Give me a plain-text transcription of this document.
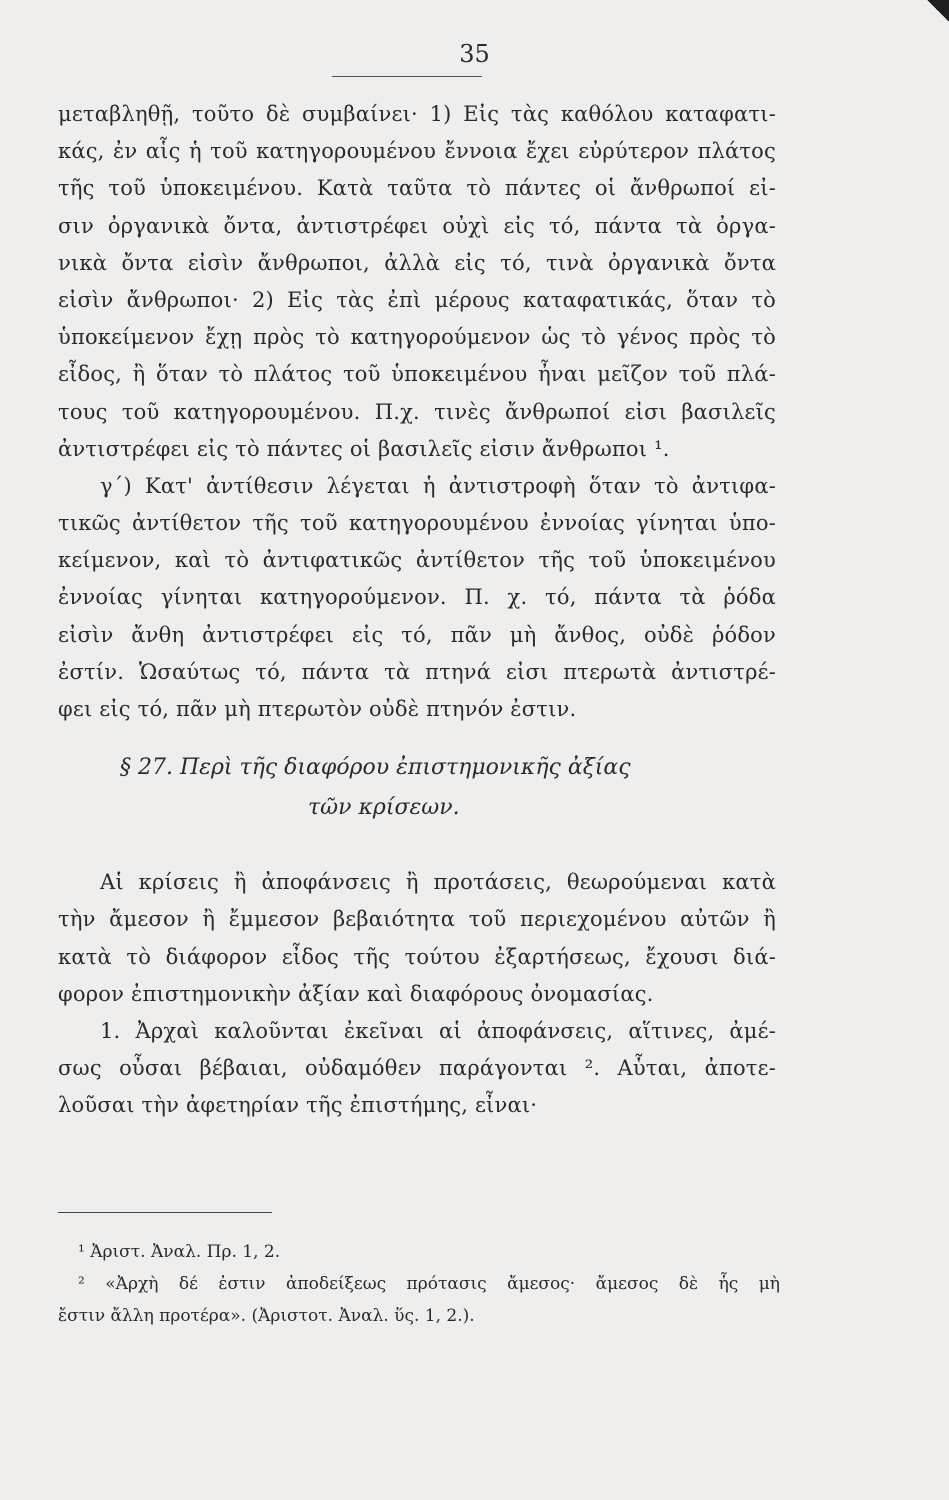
35
μεταβληθῇ, τοῦτο δὲ συμβαίνει· 1) Εἰς τὰς καθόλου καταφατι-
κάς, ἐν αἷς ἡ τοῦ κατηγορουμένου ἔννοια ἔχει εὐρύτερον πλάτος
τῆς τοῦ ὑποκειμένου. Κατὰ ταῦτα τὸ πάντες οἱ ἄνθρωποί εἰ-
σιν ὀργανικὰ ὄντα, ἀντιστρέφει οὐχὶ εἰς τό, πάντα τὰ ὀργα-
νικὰ ὄντα εἰσὶν ἄνθρωποι, ἀλλὰ εἰς τό, τινὰ ὀργανικὰ ὄντα
εἰσὶν ἄνθρωποι· 2) Εἰς τὰς ἐπὶ μέρους καταφατικάς, ὅταν τὸ
ὑποκείμενον ἔχῃ πρὸς τὸ κατηγορούμενον ὡς τὸ γένος πρὸς τὸ
εἶδος, ἢ ὅταν τὸ πλάτος τοῦ ὑποκειμένου ἦναι μεῖζον τοῦ πλά-
τους τοῦ κατηγορουμένου. Π.χ. τινὲς ἄνθρωποί εἰσι βασιλεῖς
ἀντιστρέφει εἰς τὸ πάντες οἱ βασιλεῖς εἰσιν ἄνθρωποι ¹.
γ΄) Κατ' ἀντίθεσιν λέγεται ἡ ἀντιστροφὴ ὅταν τὸ ἀντιφα-
τικῶς ἀντίθετον τῆς τοῦ κατηγορουμένου ἐννοίας γίνηται ὑπο-
κείμενον, καὶ τὸ ἀντιφατικῶς ἀντίθετον τῆς τοῦ ὑποκειμένου
ἐννοίας γίνηται κατηγορούμενον. Π. χ. τό, πάντα τὰ ῥόδα
εἰσὶν ἄνθη ἀντιστρέφει εἰς τό, πᾶν μὴ ἄνθος, οὐδὲ ῥόδον
ἐστίν. Ὡσαύτως τό, πάντα τὰ πτηνά εἰσι πτερωτὰ ἀντιστρέ-
φει εἰς τό, πᾶν μὴ πτερωτὸν οὐδὲ πτηνόν ἐστιν.
§ 27. Περὶ τῆς διαφόρου ἐπιστημονικῆς ἀξίας
τῶν κρίσεων.
Αἱ κρίσεις ἢ ἀποφάνσεις ἢ προτάσεις, θεωρούμεναι κατὰ
τὴν ἄμεσον ἢ ἔμμεσον βεβαιότητα τοῦ περιεχομένου αὐτῶν ἢ
κατὰ τὸ διάφορον εἶδος τῆς τούτου ἐξαρτήσεως, ἔχουσι διά-
φορον ἐπιστημονικὴν ἀξίαν καὶ διαφόρους ὀνομασίας.
1. Ἀρχαὶ καλοῦνται ἐκεῖναι αἱ ἀποφάνσεις, αἵτινες, ἀμέ-
σως οὖσαι βέβαιαι, οὐδαμόθεν παράγονται ². Αὗται, ἀποτε-
λοῦσαι τὴν ἀφετηρίαν τῆς ἐπιστήμης, εἶναι·
¹ Ἀριστ. Ἀναλ. Πρ. 1, 2.
² «Ἀρχὴ δέ ἐστιν ἀποδείξεως πρότασις ἄμεσος· ἄμεσος δὲ ἧς μὴ
ἔστιν ἄλλη προτέρα». (Ἀριστοτ. Ἀναλ. ὕς. 1, 2.).
